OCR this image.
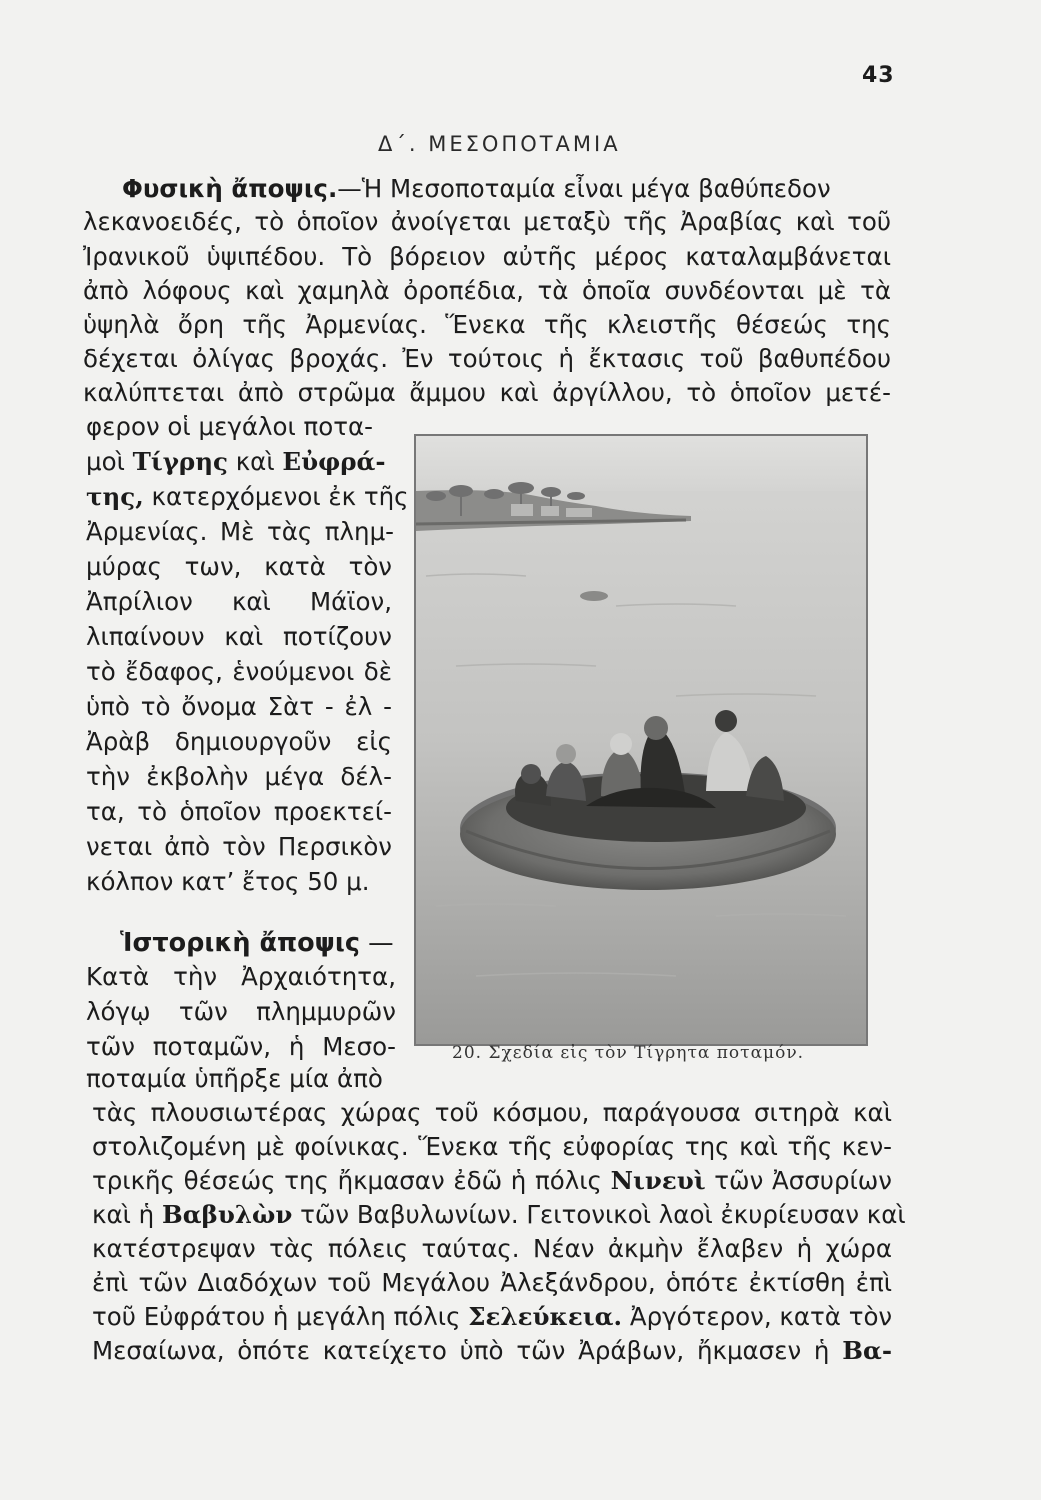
43
Δ΄. ΜΕΣΟΠΟΤΑΜΙΑ
Φυσικὴ ἄποψις.—Ἡ Μεσοποταμία εἶναι μέγα βαθύπεδον
λεκανοειδές, τὸ ὁποῖον ἀνοίγεται μεταξὺ τῆς Ἀραβίας καὶ τοῦ
Ἰρανικοῦ ὑψιπέδου. Τὸ βόρειον αὐτῆς μέρος καταλαμβάνεται
ἀπὸ λόφους καὶ χαμηλὰ ὀροπέδια, τὰ ὁποῖα συνδέονται μὲ τὰ
ὑψηλὰ ὄρη τῆς Ἀρμενίας. Ἕνεκα τῆς κλειστῆς θέσεώς της
δέχεται ὀλίγας βροχάς. Ἐν τούτοις ἡ ἔκτασις τοῦ βαθυπέδου
καλύπτεται ἀπὸ στρῶμα ἄμμου καὶ ἀργίλλου, τὸ ὁποῖον μετέ-
φερον οἱ μεγάλοι ποτα-
μοὶ Τίγρης καὶ Εὐφρά-
της, κατερχόμενοι ἐκ τῆς
Ἀρμενίας. Μὲ τὰς πλημ-
μύρας των, κατὰ τὸν
Ἀπρίλιον καὶ Μάϊον,
λιπαίνουν καὶ ποτίζουν
τὸ ἔδαφος, ἑνούμενοι δὲ
ὑπὸ τὸ ὄνομα Σὰτ - ἐλ -
Ἀρὰβ δημιουργοῦν εἰς
τὴν ἐκβολὴν μέγα δέλ-
τα, τὸ ὁποῖον προεκτεί-
νεται ἀπὸ τὸν Περσικὸν
κόλπον κατ’ ἔτος 50 μ.
Ἱστορικὴ ἄποψις —
Κατὰ τὴν Ἀρχαιότητα,
λόγῳ τῶν πλημμυρῶν
τῶν ποταμῶν, ἡ Μεσο-
ποταμία ὑπῆρξε μία ἀπὸ
τὰς πλουσιωτέρας χώρας τοῦ κόσμου, παράγουσα σιτηρὰ καὶ
στολιζομένη μὲ φοίνικας. Ἕνεκα τῆς εὐφορίας της καὶ τῆς κεν-
τρικῆς θέσεώς της ἤκμασαν ἐδῶ ἡ πόλις Νινευὶ τῶν Ἀσσυρίων
καὶ ἡ Βαβυλὼν τῶν Βαβυλωνίων. Γειτονικοὶ λαοὶ ἐκυρίευσαν καὶ
κατέστρεψαν τὰς πόλεις ταύτας. Νέαν ἀκμὴν ἔλαβεν ἡ χώρα
ἐπὶ τῶν Διαδόχων τοῦ Μεγάλου Ἀλεξάνδρου, ὁπότε ἐκτίσθη ἐπὶ
τοῦ Εὐφράτου ἡ μεγάλη πόλις Σελεύκεια. Ἀργότερον, κατὰ τὸν
Μεσαίωνα, ὁπότε κατείχετο ὑπὸ τῶν Ἀράβων, ἤκμασεν ἡ Βα-
20. Σχεδία εἰς τὸν Τίγρητα ποταμόν.
